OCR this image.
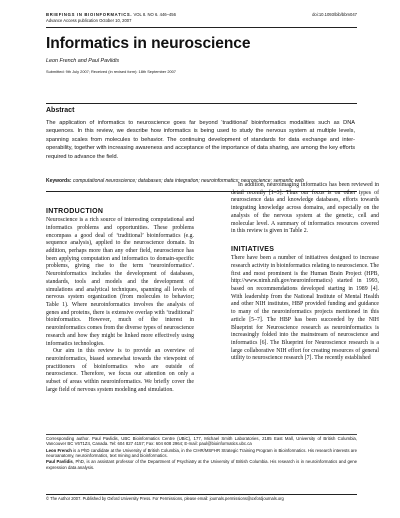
BRIEFINGS IN BIOINFORMATICS. VOL 8. NO 6. 446–456
Advance Access publication October 10, 2007
doi:10.1093/bib/bbm047
Informatics in neuroscience
Leon French and Paul Pavlidis
Submitted: 9th July 2007; Received (in revised form): 18th September 2007
Abstract
The application of informatics to neuroscience goes far beyond ‘traditional’ bioinformatics modalities such as DNA sequences. In this review, we describe how informatics is being used to study the nervous system at multiple levels, spanning scales from molecules to behavior. The continuing development of standards for data exchange and inter-operability, together with increasing awareness and acceptance of the importance of data sharing, are among the key efforts required to advance the field.
Keywords: computational neuroscience; databases; data integration; neuroinformatics; neuroscience; semantic web
INTRODUCTION

Neuroscience is a rich source of interesting computational and informatics problems and opportunities. These problems encompass a good deal of ‘traditional’ bioinformatics (e.g. sequence analysis), applied to the neuroscience domain. In addition, perhaps more than any other field, neuroscience has been applying computation and informatics to domain-specific problems, giving rise to the term ‘neuroinformatics’. Neuroinformatics includes the development of databases, standards, tools and models and the development of simulations and analytical techniques, spanning all levels of nervous system organization (from molecules to behavior; Table 1). Where neuroinformatics involves the analysis of genes and proteins, there is extensive overlap with ‘traditional’ bioinformatics. However, much of the interest in neuroinformatics comes from the diverse types of neuroscience research and how they might be linked more effectively using informatics technologies.

Our aim in this review is to provide an overview of neuroinformatics, biased somewhat towards the viewpoint of practitioners of bioinformatics who are outside of neuroscience. Therefore, we focus our attention on only a subset of areas within neuroinformatics. We briefly cover the large field of nervous system modeling and simulation.

In addition, neuroimaging informatics has been reviewed in detail recently [1–3]. Thus our focus is on other types of neuroscience data and knowledge databases, efforts towards integrating knowledge across domains, and especially on the analysis of the nervous system at the genetic, cell and molecular level. A summary of informatics resources covered in this review is given in Table 2.

INITIATIVES

There have been a number of initiatives designed to increase research activity in bioinformatics relating to neuroscience. The first and most prominent is the Human Brain Project (HPB, http://www.nimh.nih.gov/neuroinformatics) started in 1993, based on recommendations developed starting in 1989 [4]. With leadership from the National Institute of Mental Health and other NIH institutes, HBP provided funding and guidance to many of the neuroinformatics projects mentioned in this article [5–7]. The HBP has been succeeded by the NIH Blueprint for Neuroscience research as neuroinformatics is increasingly folded into the mainstream of neuroscience and informatics [6]. The Blueprint for Neuroscience research is a large collaborative NIH effort for creating resources of general utility to neuroscience research [7]. The recently established

Corresponding author. Paul Pavlidis, UBC Bioinformatics Centre (UBiC), 177, Michael Smith Laboratories, 2185 East Mall, University of British Columbia, Vancouver BC V6T1Z4, Canada. Tel: 604 827 4157; Fax: 604 608 2964; E-mail: paul@bioinformatics.ubc.ca

Leon French is a PhD candidate at the University of British Columbia, in the CIHR/MSFHR Strategic Training Program in Bioinformatics. His research interests are neuroanatomy, neuroinformatics, text mining and bioinformatics.

Paul Pavlidis, PhD, is an assistant professor of the Department of Psychiatry at the University of British Columbia. His research is in neuroinformatics and gene expression data analysis.

© The Author 2007. Published by Oxford University Press. For Permissions, please email: journals.permissions@oxfordjournals.org
